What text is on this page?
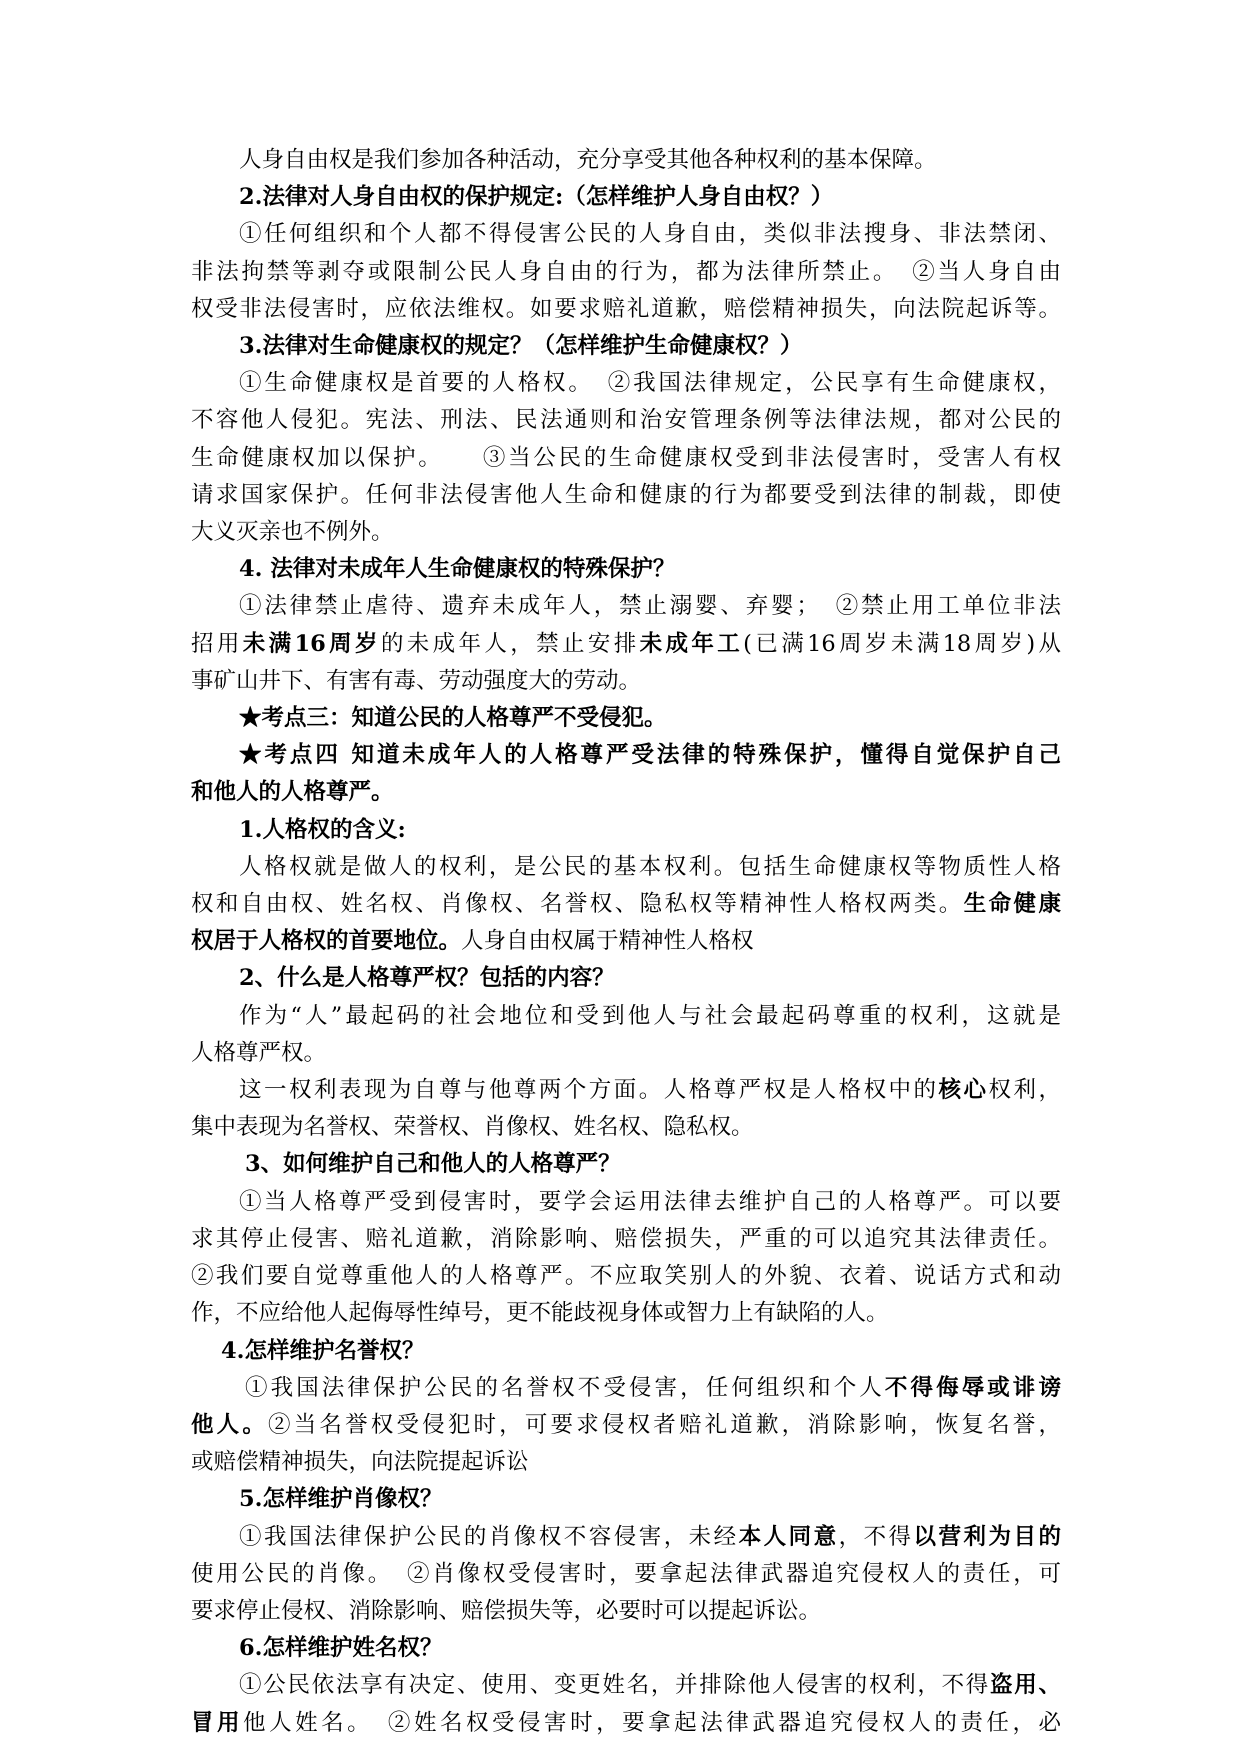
人身自由权是我们参加各种活动，充分享受其他各种权利的基本保障。
2.法律对人身自由权的保护规定:（怎样维护人身自由权？）
①任何组织和个人都不得侵害公民的人身自由，类似非法搜身、非法禁闭、
非法拘禁等剥夺或限制公民人身自由的行为，都为法律所禁止。　②当人身自由
权受非法侵害时，应依法维权。如要求赔礼道歉，赔偿精神损失，向法院起诉等。
3.法律对生命健康权的规定？（怎样维护生命健康权？）
①生命健康权是首要的人格权。　②我国法律规定，公民享有生命健康权，
不容他人侵犯。宪法、刑法、民法通则和治安管理条例等法律法规，都对公民的
生命健康权加以保护。　　③当公民的生命健康权受到非法侵害时，受害人有权
请求国家保护。任何非法侵害他人生命和健康的行为都要受到法律的制裁，即使
大义灭亲也不例外。
4. 法律对未成年人生命健康权的特殊保护？
①法律禁止虐待、遗弃未成年人，禁止溺婴、弃婴；　②禁止用工单位非法
招用未满16周岁的未成年人，禁止安排未成年工(已满16周岁未满18周岁)从
事矿山井下、有害有毒、劳动强度大的劳动。
★考点三：知道公民的人格尊严不受侵犯。
★考点四 知道未成年人的人格尊严受法律的特殊保护，懂得自觉保护自己
和他人的人格尊严。
1.人格权的含义:
人格权就是做人的权利，是公民的基本权利。包括生命健康权等物质性人格
权和自由权、姓名权、肖像权、名誉权、隐私权等精神性人格权两类。生命健康
权居于人格权的首要地位。人身自由权属于精神性人格权
2、什么是人格尊严权？包括的内容？
作为“人”最起码的社会地位和受到他人与社会最起码尊重的权利，这就是
人格尊严权。
这一权利表现为自尊与他尊两个方面。人格尊严权是人格权中的核心权利，
集中表现为名誉权、荣誉权、肖像权、姓名权、隐私权。
3、如何维护自己和他人的人格尊严？
①当人格尊严受到侵害时，要学会运用法律去维护自己的人格尊严。可以要
求其停止侵害、赔礼道歉，消除影响、赔偿损失，严重的可以追究其法律责任。
②我们要自觉尊重他人的人格尊严。不应取笑别人的外貌、衣着、说话方式和动
作，不应给他人起侮辱性绰号，更不能歧视身体或智力上有缺陷的人。
4.怎样维护名誉权？
①我国法律保护公民的名誉权不受侵害，任何组织和个人不得侮辱或诽谤
他人。②当名誉权受侵犯时，可要求侵权者赔礼道歉，消除影响，恢复名誉，
或赔偿精神损失，向法院提起诉讼
5.怎样维护肖像权？
①我国法律保护公民的肖像权不容侵害，未经本人同意，不得以营利为目的
使用公民的肖像。　②肖像权受侵害时，要拿起法律武器追究侵权人的责任，可
要求停止侵权、消除影响、赔偿损失等，必要时可以提起诉讼。
6.怎样维护姓名权？
①公民依法享有决定、使用、变更姓名，并排除他人侵害的权利，不得盗用、
冒用他人姓名。　②姓名权受侵害时，要拿起法律武器追究侵权人的责任，必
